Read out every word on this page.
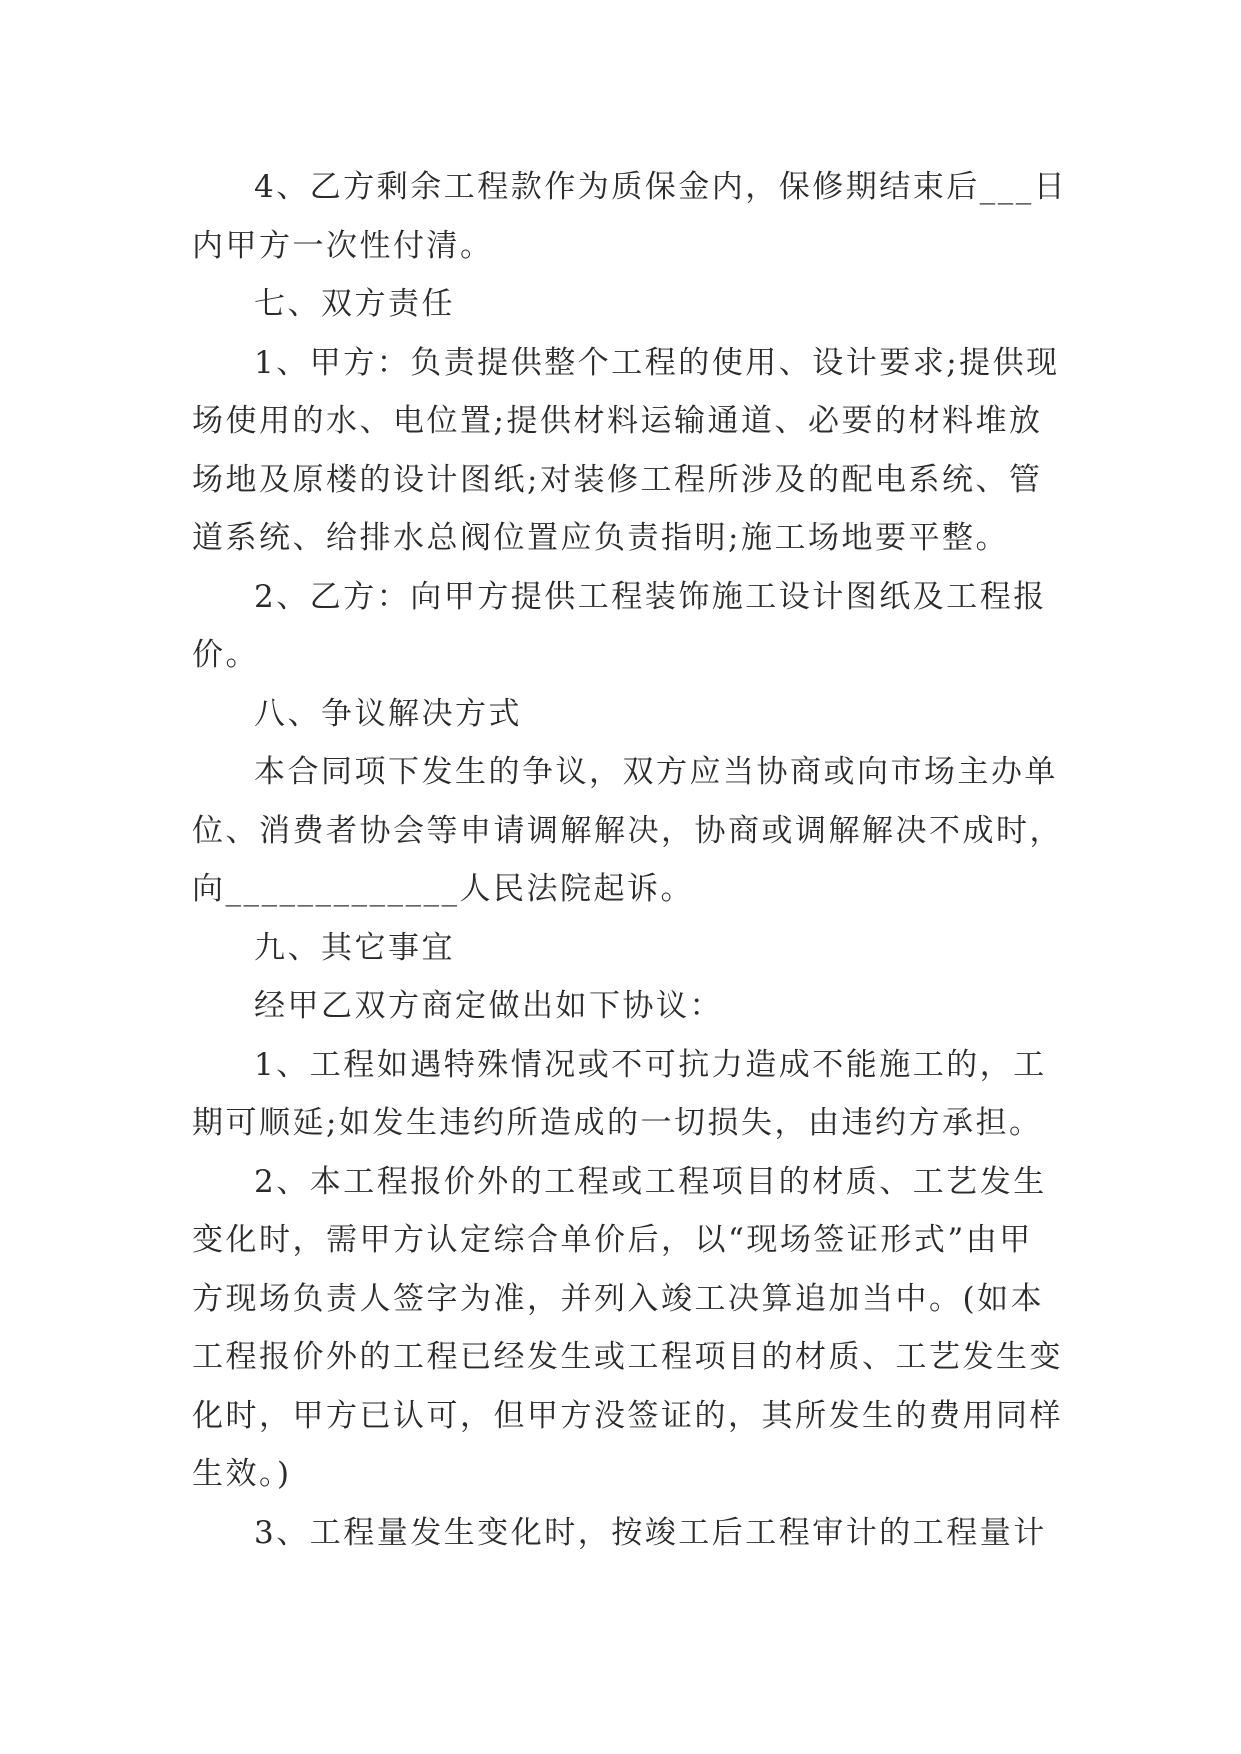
4、乙方剩余工程款作为质保金内，保修期结束后___日
内甲方一次性付清。
七、双方责任
1、甲方：负责提供整个工程的使用、设计要求;提供现
场使用的水、电位置;提供材料运输通道、必要的材料堆放
场地及原楼的设计图纸;对装修工程所涉及的配电系统、管
道系统、给排水总阀位置应负责指明;施工场地要平整。
2、乙方：向甲方提供工程装饰施工设计图纸及工程报
价。
八、争议解决方式
本合同项下发生的争议，双方应当协商或向市场主办单
位、消费者协会等申请调解解决，协商或调解解决不成时，
向_____________人民法院起诉。
九、其它事宜
经甲乙双方商定做出如下协议：
1、工程如遇特殊情况或不可抗力造成不能施工的，工
期可顺延;如发生违约所造成的一切损失，由违约方承担。
2、本工程报价外的工程或工程项目的材质、工艺发生
变化时，需甲方认定综合单价后，以“现场签证形式”由甲
方现场负责人签字为准，并列入竣工决算追加当中。(如本
工程报价外的工程已经发生或工程项目的材质、工艺发生变
化时，甲方已认可，但甲方没签证的，其所发生的费用同样
生效。)
3、工程量发生变化时，按竣工后工程审计的工程量计
